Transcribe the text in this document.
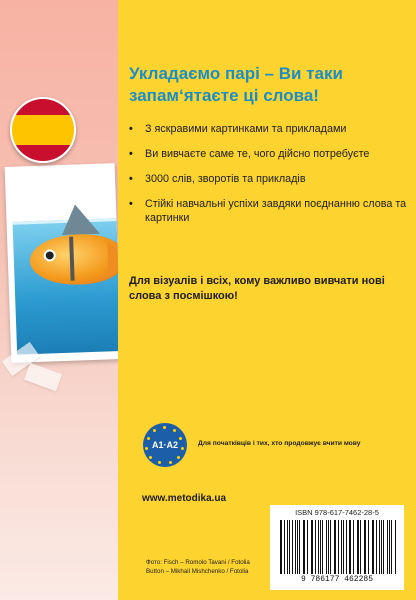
Укладаємо парі – Ви таки
запам‘ятаєте ці слова!
• З яскравими картинками та прикладами
• Ви вивчаєте саме те, чого дійсно потребуєте
• 3000 слів, зворотів та прикладів
• Стійкі навчальні успіхи завдяки поєднанню слова та картинки
Для візуалів і всіх, кому важливо вивчати нові слова з посмішкою!
A1·A2	Для початківців і тих, хто продовжує вчити мову
www.metodika.ua
Фото: Fisch – Romolo Tavani / Fotolia
Button – Mikhail Mishchenko / Fotolia
ISBN 978-617-7462-28-5
9 786177 462285
